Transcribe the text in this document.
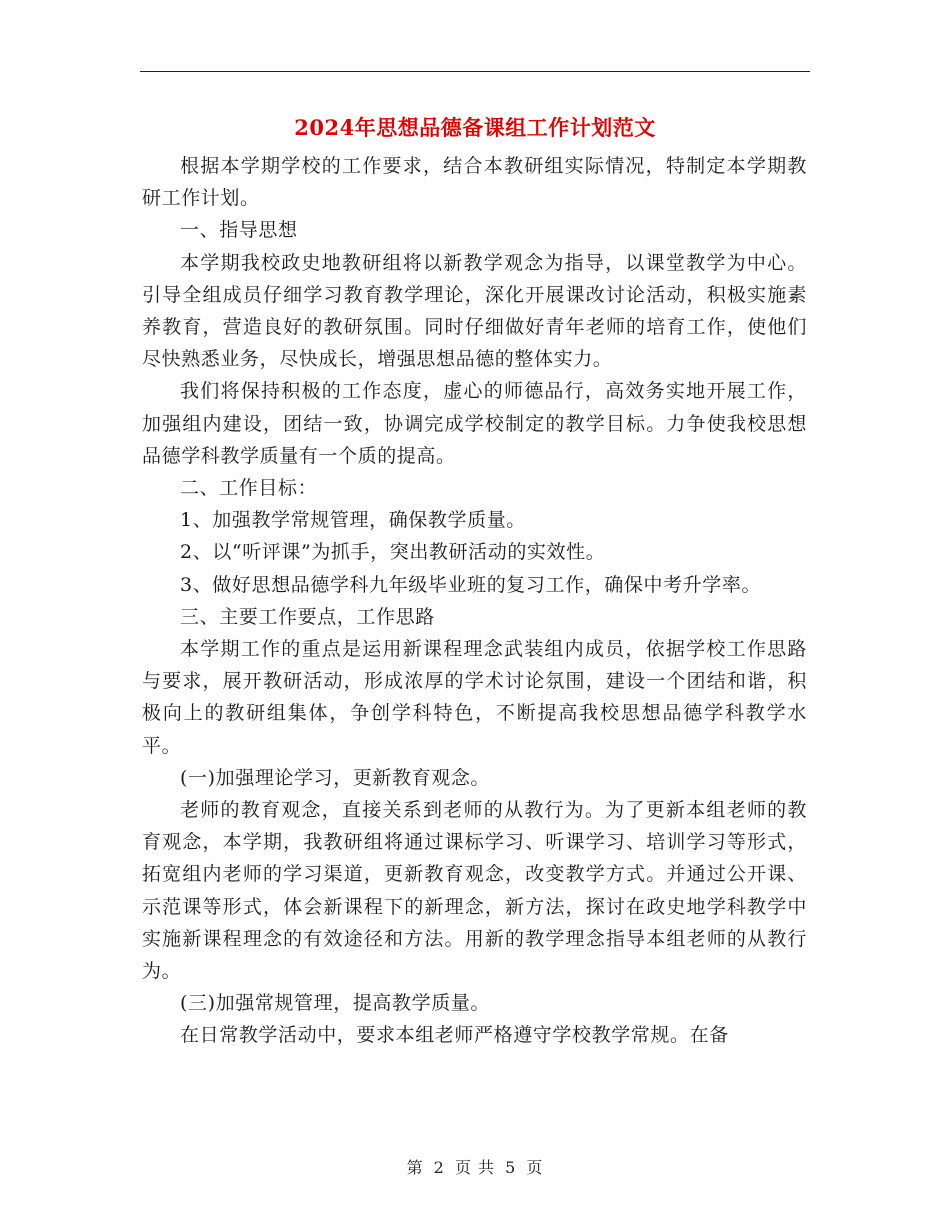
2024年思想品德备课组工作计划范文

根据本学期学校的工作要求，结合本教研组实际情况，特制定本学期教研工作计划。

一、指导思想

本学期我校政史地教研组将以新教学观念为指导，以课堂教学为中心。引导全组成员仔细学习教育教学理论，深化开展课改讨论活动，积极实施素养教育，营造良好的教研氛围。同时仔细做好青年老师的培育工作，使他们尽快熟悉业务，尽快成长，增强思想品德的整体实力。

我们将保持积极的工作态度，虚心的师德品行，高效务实地开展工作，加强组内建设，团结一致，协调完成学校制定的教学目标。力争使我校思想品德学科教学质量有一个质的提高。

二、工作目标：

1、加强教学常规管理，确保教学质量。

2、以“听评课”为抓手，突出教研活动的实效性。

3、做好思想品德学科九年级毕业班的复习工作，确保中考升学率。

三、主要工作要点，工作思路

本学期工作的重点是运用新课程理念武装组内成员，依据学校工作思路与要求，展开教研活动，形成浓厚的学术讨论氛围，建设一个团结和谐，积极向上的教研组集体，争创学科特色，不断提高我校思想品德学科教学水平。

(一)加强理论学习，更新教育观念。

老师的教育观念，直接关系到老师的从教行为。为了更新本组老师的教育观念，本学期，我教研组将通过课标学习、听课学习、培训学习等形式，拓宽组内老师的学习渠道，更新教育观念，改变教学方式。并通过公开课、示范课等形式，体会新课程下的新理念，新方法，探讨在政史地学科教学中实施新课程理念的有效途径和方法。用新的教学理念指导本组老师的从教行为。

(三)加强常规管理，提高教学质量。

在日常教学活动中，要求本组老师严格遵守学校教学常规。在备

第 2 页 共 5 页
